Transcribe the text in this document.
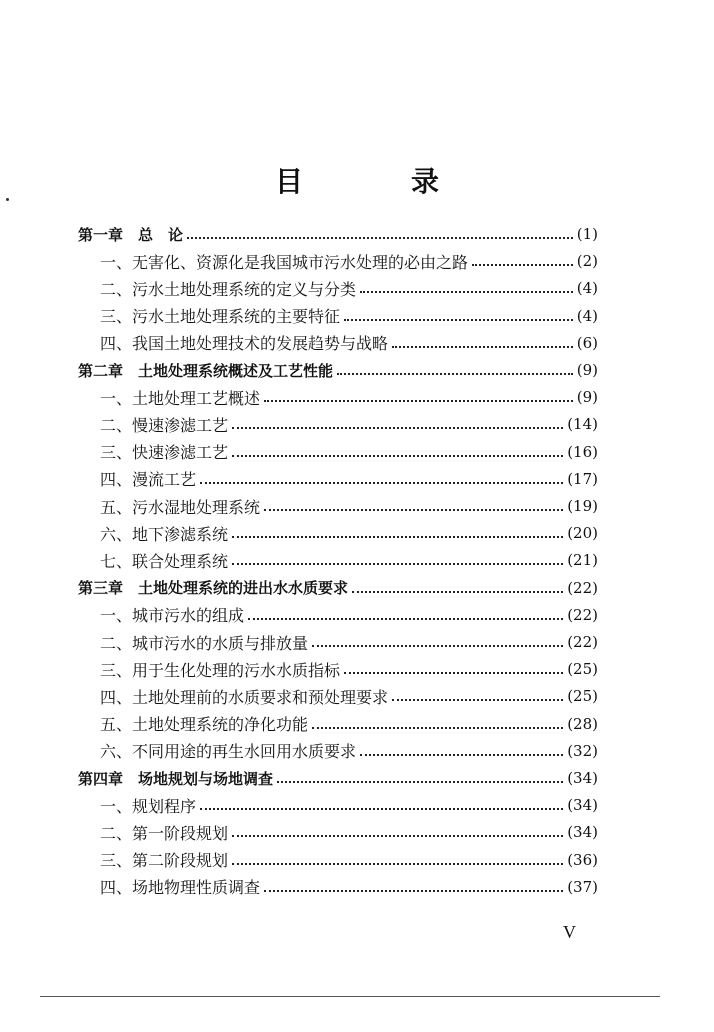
目　录
第一章　总　论	(1)
一、无害化、资源化是我国城市污水处理的必由之路	(2)
二、污水土地处理系统的定义与分类	(4)
三、污水土地处理系统的主要特征	(4)
四、我国土地处理技术的发展趋势与战略	(6)
第二章　土地处理系统概述及工艺性能	(9)
一、土地处理工艺概述	(9)
二、慢速渗滤工艺	(14)
三、快速渗滤工艺	(16)
四、漫流工艺	(17)
五、污水湿地处理系统	(19)
六、地下渗滤系统	(20)
七、联合处理系统	(21)
第三章　土地处理系统的进出水水质要求	(22)
一、城市污水的组成	(22)
二、城市污水的水质与排放量	(22)
三、用于生化处理的污水水质指标	(25)
四、土地处理前的水质要求和预处理要求	(25)
五、土地处理系统的净化功能	(28)
六、不同用途的再生水回用水质要求	(32)
第四章　场地规划与场地调查	(34)
一、规划程序	(34)
二、第一阶段规划	(34)
三、第二阶段规划	(36)
四、场地物理性质调查	(37)
V
